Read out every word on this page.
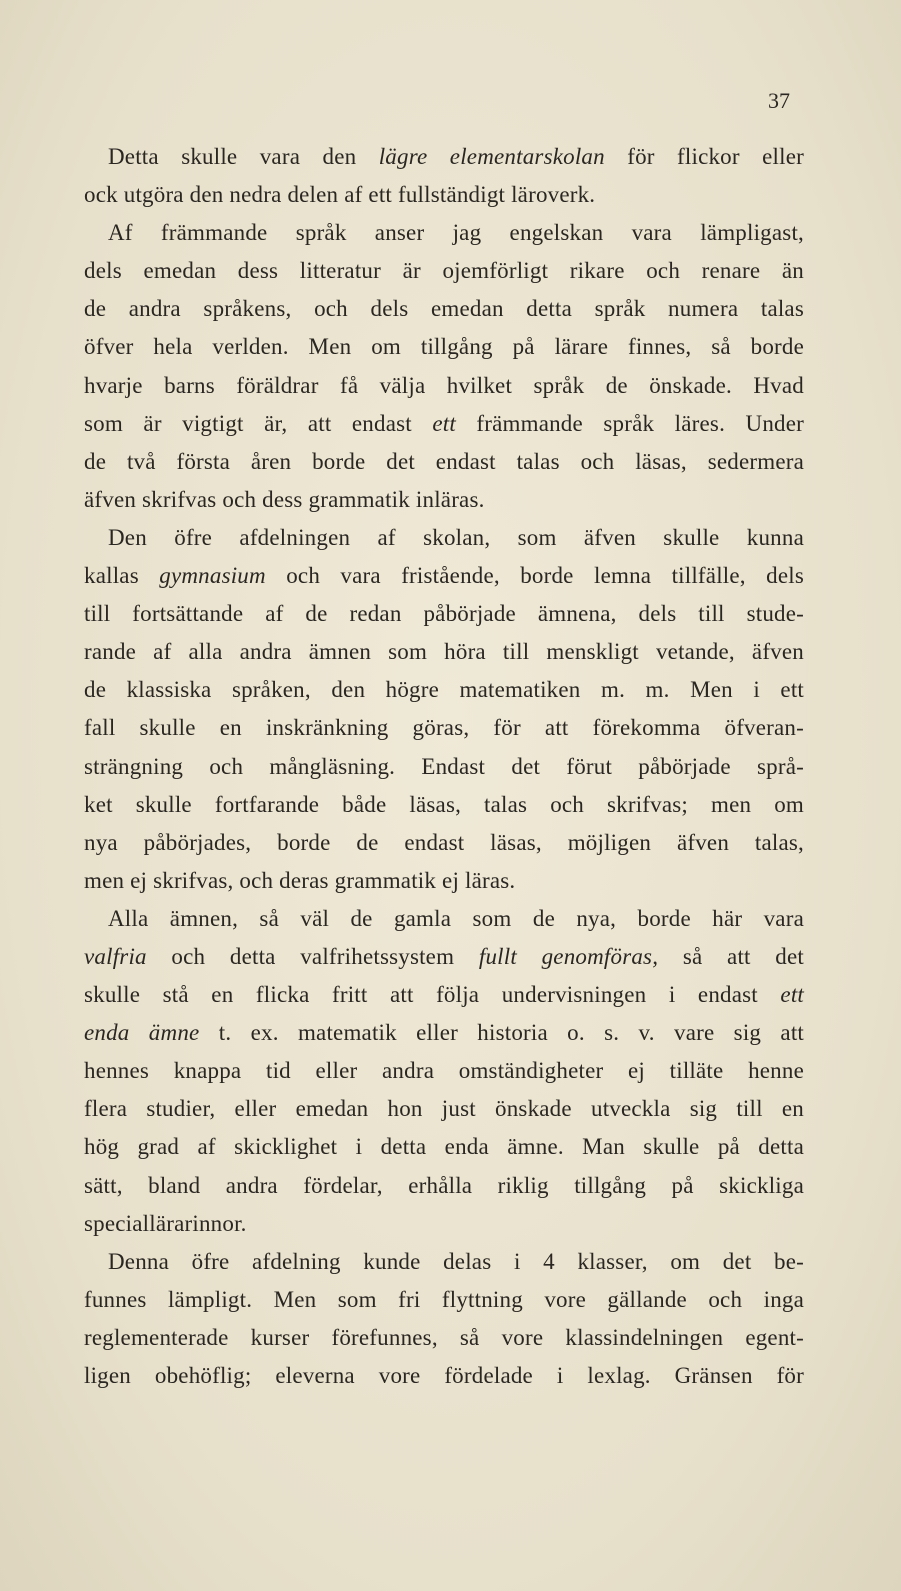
37
Detta skulle vara den lägre elementarskolan för flickor eller
ock utgöra den nedra delen af ett fullständigt läroverk.
Af främmande språk anser jag engelskan vara lämpligast,
dels emedan dess litteratur är ojemförligt rikare och renare än
de andra språkens, och dels emedan detta språk numera talas
öfver hela verlden. Men om tillgång på lärare finnes, så borde
hvarje barns föräldrar få välja hvilket språk de önskade. Hvad
som är vigtigt är, att endast ett främmande språk läres. Under
de två första åren borde det endast talas och läsas, sedermera
äfven skrifvas och dess grammatik inläras.
Den öfre afdelningen af skolan, som äfven skulle kunna
kallas gymnasium och vara fristående, borde lemna tillfälle, dels
till fortsättande af de redan påbörjade ämnena, dels till stude-
rande af alla andra ämnen som höra till menskligt vetande, äfven
de klassiska språken, den högre matematiken m. m. Men i ett
fall skulle en inskränkning göras, för att förekomma öfveran-
strängning och mångläsning. Endast det förut påbörjade språ-
ket skulle fortfarande både läsas, talas och skrifvas; men om
nya påbörjades, borde de endast läsas, möjligen äfven talas,
men ej skrifvas, och deras grammatik ej läras.
Alla ämnen, så väl de gamla som de nya, borde här vara
valfria och detta valfrihetssystem fullt genomföras, så att det
skulle stå en flicka fritt att följa undervisningen i endast ett
enda ämne t. ex. matematik eller historia o. s. v. vare sig att
hennes knappa tid eller andra omständigheter ej tilläte henne
flera studier, eller emedan hon just önskade utveckla sig till en
hög grad af skicklighet i detta enda ämne. Man skulle på detta
sätt, bland andra fördelar, erhålla riklig tillgång på skickliga
speciallärarinnor.
Denna öfre afdelning kunde delas i 4 klasser, om det be-
funnes lämpligt. Men som fri flyttning vore gällande och inga
reglementerade kurser förefunnes, så vore klassindelningen egent-
ligen obehöflig; eleverna vore fördelade i lexlag. Gränsen för
